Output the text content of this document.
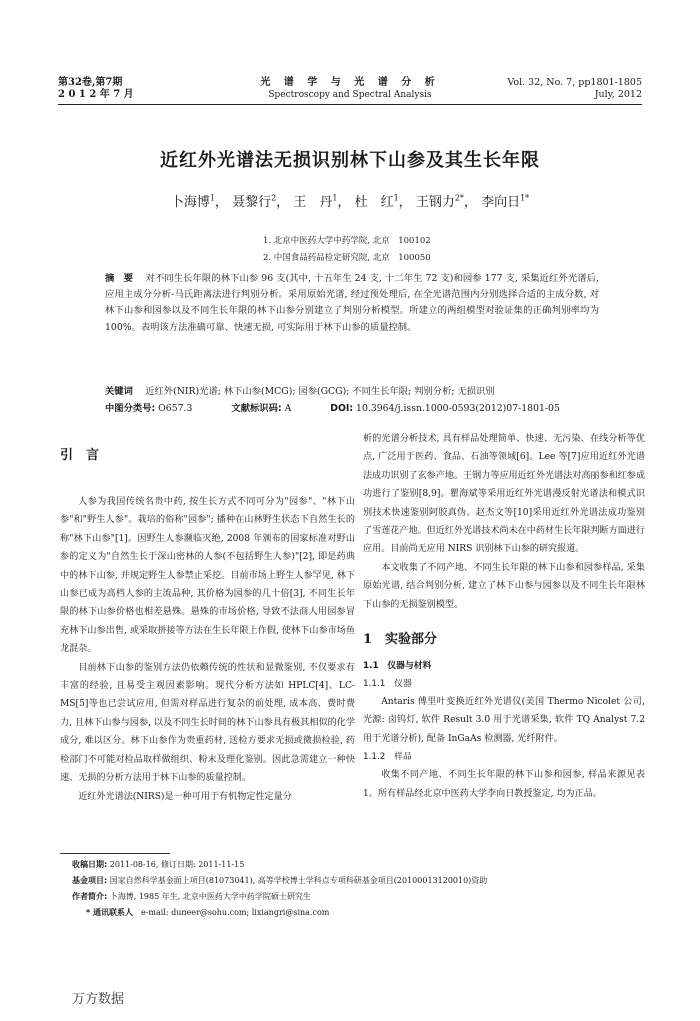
第32卷,第7期
2 0 1 2 年 7 月
光 谱 学 与 光 谱 分 析
Spectroscopy and Spectral Analysis
Vol. 32, No. 7, pp1801-1805
July, 2012
近红外光谱法无损识别林下山参及其生长年限
卜海博$^1$， 聂黎行$^2$， 王　丹$^1$， 杜　红$^1$， 王钢力$^{2*}$， 李向日$^{1*}$
1. 北京中医药大学中药学院, 北京　100102
2. 中国食品药品检定研究院, 北京　100050
摘　要 　 对不同生长年限的林下山参 96 支(其中, 十五年生 24 支, 十二年生 72 支)和园参 177 支, 采集近红外光谱后, 应用主成分分析-马氏距离法进行判别分析。采用原始光谱, 经过预处理后, 在全光谱范围内分别选择合适的主成分数, 对林下山参和园参以及不同生长年限的林下山参分别建立了判别分析模型。所建立的两组模型对验证集的正确判别率均为 100%。表明该方法准确可靠、快速无损, 可实际用于林下山参的质量控制。
关键词 　 近红外(NIR)光谱; 林下山参(MCG); 园参(GCG); 不同生长年限; 判别分析; 无损识别
中图分类号: O657.3	文献标识码: A	DOI: 10.3964/j.issn.1000-0593(2012)07-1801-05
引　言

人参为我国传统名贵中药, 按生长方式不同可分为"园参"、"林下山参"和"野生人参"。栽培的俗称"园参"; 播种在山林野生状态下自然生长的称"林下山参"[1]。因野生人参濒临灭绝, 2008 年颁布的国家标准对野山参的定义为"自然生长于深山密林的人参(不包括野生人参)"[2], 即是药典中的林下山参, 并规定野生人参禁止采挖。目前市场上野生人参罕见, 林下山参已成为高档人参的主流品种, 其价格为园参的几十倍[3], 不同生长年限的林下山参价格也相差悬殊。悬殊的市场价格, 导致不法商人用园参冒充林下山参出售, 或采取拼接等方法在生长年限上作假, 使林下山参市场鱼龙混杂。

目前林下山参的鉴别方法仍依赖传统的性状和显微鉴别, 不仅要求有丰富的经验, 且易受主观因素影响。现代分析方法如 HPLC[4]、LC-MS[5]等也已尝试应用, 但需对样品进行复杂的前处理, 成本高、费时费力, 且林下山参与园参, 以及不同生长时间的林下山参具有极其相似的化学成分, 难以区分。林下山参作为贵重药材, 送检方要求无损或微损检验, 药检部门不可能对检品取样做组织、粉末及理化鉴别。因此急需建立一种快速、无损的分析方法用于林下山参的质量控制。

近红外光谱法(NIRS)是一种可用于有机物定性定量分

析的光谱分析技术, 具有样品处理简单、快速、无污染、在线分析等优点, 广泛用于医药、食品、石油等领域[6]。Lee 等[7]应用近红外光谱法成功识别了玄参产地。王钢力等应用近红外光谱法对高丽参和红参成功进行了鉴别[8,9]。瞿海斌等采用近红外光谱漫反射光谱法和模式识别技术快速鉴别阿胶真伪。赵杰文等[10]采用近红外光谱法成功鉴别了雪莲花产地。但近红外光谱技术尚未在中药材生长年限判断方面进行应用。目前尚无应用 NIRS 识别林下山参的研究报道。

本文收集了不同产地、不同生长年限的林下山参和园参样品, 采集原始光谱, 结合判别分析, 建立了林下山参与园参以及不同生长年限林下山参的无损鉴别模型。

1　实验部分

1.1　仪器与材料

1.1.1　仪器

Antaris 傅里叶变换近红外光谱仪(美国 Thermo Nicolet 公司, 光源: 卤钨灯, 软件 Result 3.0 用于光谱采集, 软件 TQ Analyst 7.2 用于光谱分析), 配备 InGaAs 检测器, 光纤附件。

1.1.2　样品

收集不同产地、不同生长年限的林下山参和园参, 样品来源见表 1。所有样品经北京中医药大学李向日教授鉴定, 均为正品。

收稿日期: 2011-08-16, 修订日期: 2011-11-15
基金项目: 国家自然科学基金面上项目(81073041), 高等学校博士学科点专项科研基金项目(20100013120010)资助
作者简介: 卜海博, 1985 年生, 北京中医药大学中药学院硕士研究生
* 通讯联系人　 e-mail: duneer@sohu.com; lixiangri@sina.com
万方数据
